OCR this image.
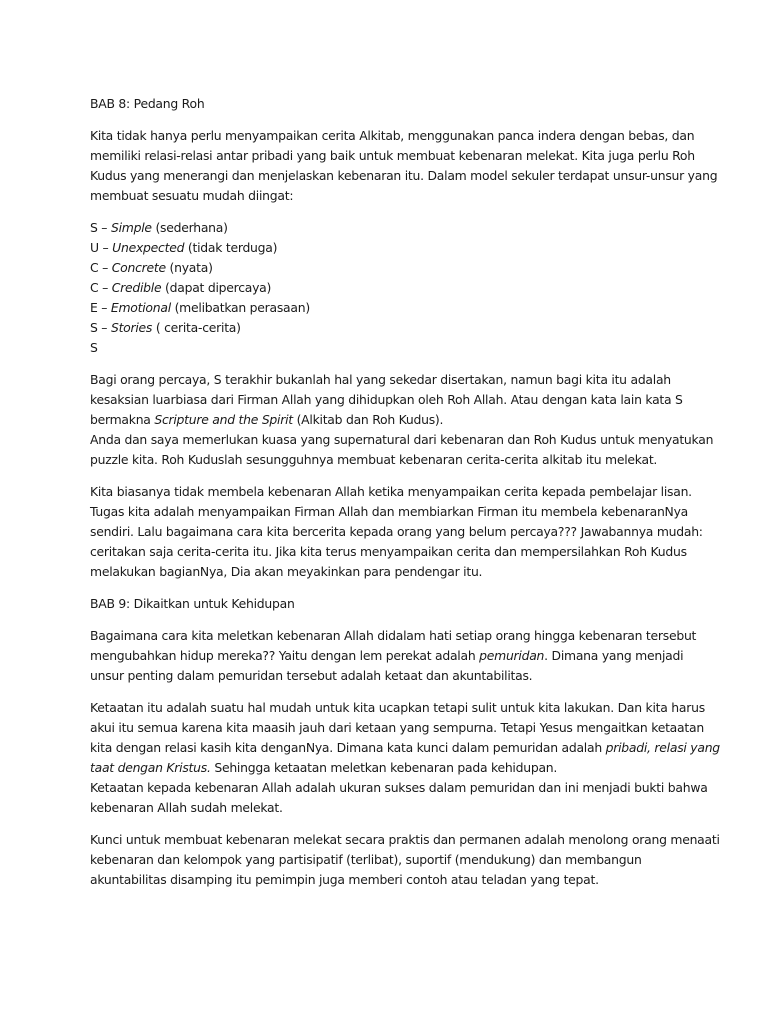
BAB 8: Pedang Roh
Kita tidak hanya perlu menyampaikan cerita Alkitab, menggunakan panca indera dengan bebas, dan
memiliki relasi-relasi antar pribadi yang baik untuk membuat kebenaran melekat. Kita juga perlu Roh
Kudus yang menerangi dan menjelaskan kebenaran itu. Dalam model sekuler terdapat unsur-unsur yang
membuat sesuatu mudah diingat:
S – Simple (sederhana)
U – Unexpected (tidak terduga)
C – Concrete (nyata)
C – Credible (dapat dipercaya)
E – Emotional (melibatkan perasaan)
S – Stories ( cerita-cerita)
S
Bagi orang percaya, S terakhir bukanlah hal yang sekedar disertakan, namun bagi kita itu adalah
kesaksian luarbiasa dari Firman Allah yang dihidupkan oleh Roh Allah. Atau dengan kata lain kata S
bermakna Scripture and the Spirit (Alkitab dan Roh Kudus).
Anda dan saya memerlukan kuasa yang supernatural dari kebenaran dan Roh Kudus untuk menyatukan
puzzle kita. Roh Kuduslah sesungguhnya membuat kebenaran cerita-cerita alkitab itu melekat.
Kita biasanya tidak membela kebenaran Allah ketika menyampaikan cerita kepada pembelajar lisan.
Tugas kita adalah menyampaikan Firman Allah dan membiarkan Firman itu membela kebenaranNya
sendiri. Lalu bagaimana cara kita bercerita kepada orang yang belum percaya??? Jawabannya mudah:
ceritakan saja cerita-cerita itu. Jika kita terus menyampaikan cerita dan mempersilahkan Roh Kudus
melakukan bagianNya, Dia akan meyakinkan para pendengar itu.
BAB 9: Dikaitkan untuk Kehidupan
Bagaimana cara kita meletkan kebenaran Allah didalam hati setiap orang hingga kebenaran tersebut
mengubahkan hidup mereka?? Yaitu dengan lem perekat adalah pemuridan. Dimana yang menjadi
unsur penting dalam pemuridan tersebut adalah ketaat dan akuntabilitas.
Ketaatan itu adalah suatu hal mudah untuk kita ucapkan tetapi sulit untuk kita lakukan. Dan kita harus
akui itu semua karena kita maasih jauh dari ketaan yang sempurna. Tetapi Yesus mengaitkan ketaatan
kita dengan relasi kasih kita denganNya. Dimana kata kunci dalam pemuridan adalah pribadi, relasi yang
taat dengan Kristus. Sehingga ketaatan meletkan kebenaran pada kehidupan.
Ketaatan kepada kebenaran Allah adalah ukuran sukses dalam pemuridan dan ini menjadi bukti bahwa
kebenaran Allah sudah melekat.
Kunci untuk membuat kebenaran melekat secara praktis dan permanen adalah menolong orang menaati
kebenaran dan kelompok yang partisipatif (terlibat), suportif (mendukung) dan membangun
akuntabilitas disamping itu pemimpin juga memberi contoh atau teladan yang tepat.
